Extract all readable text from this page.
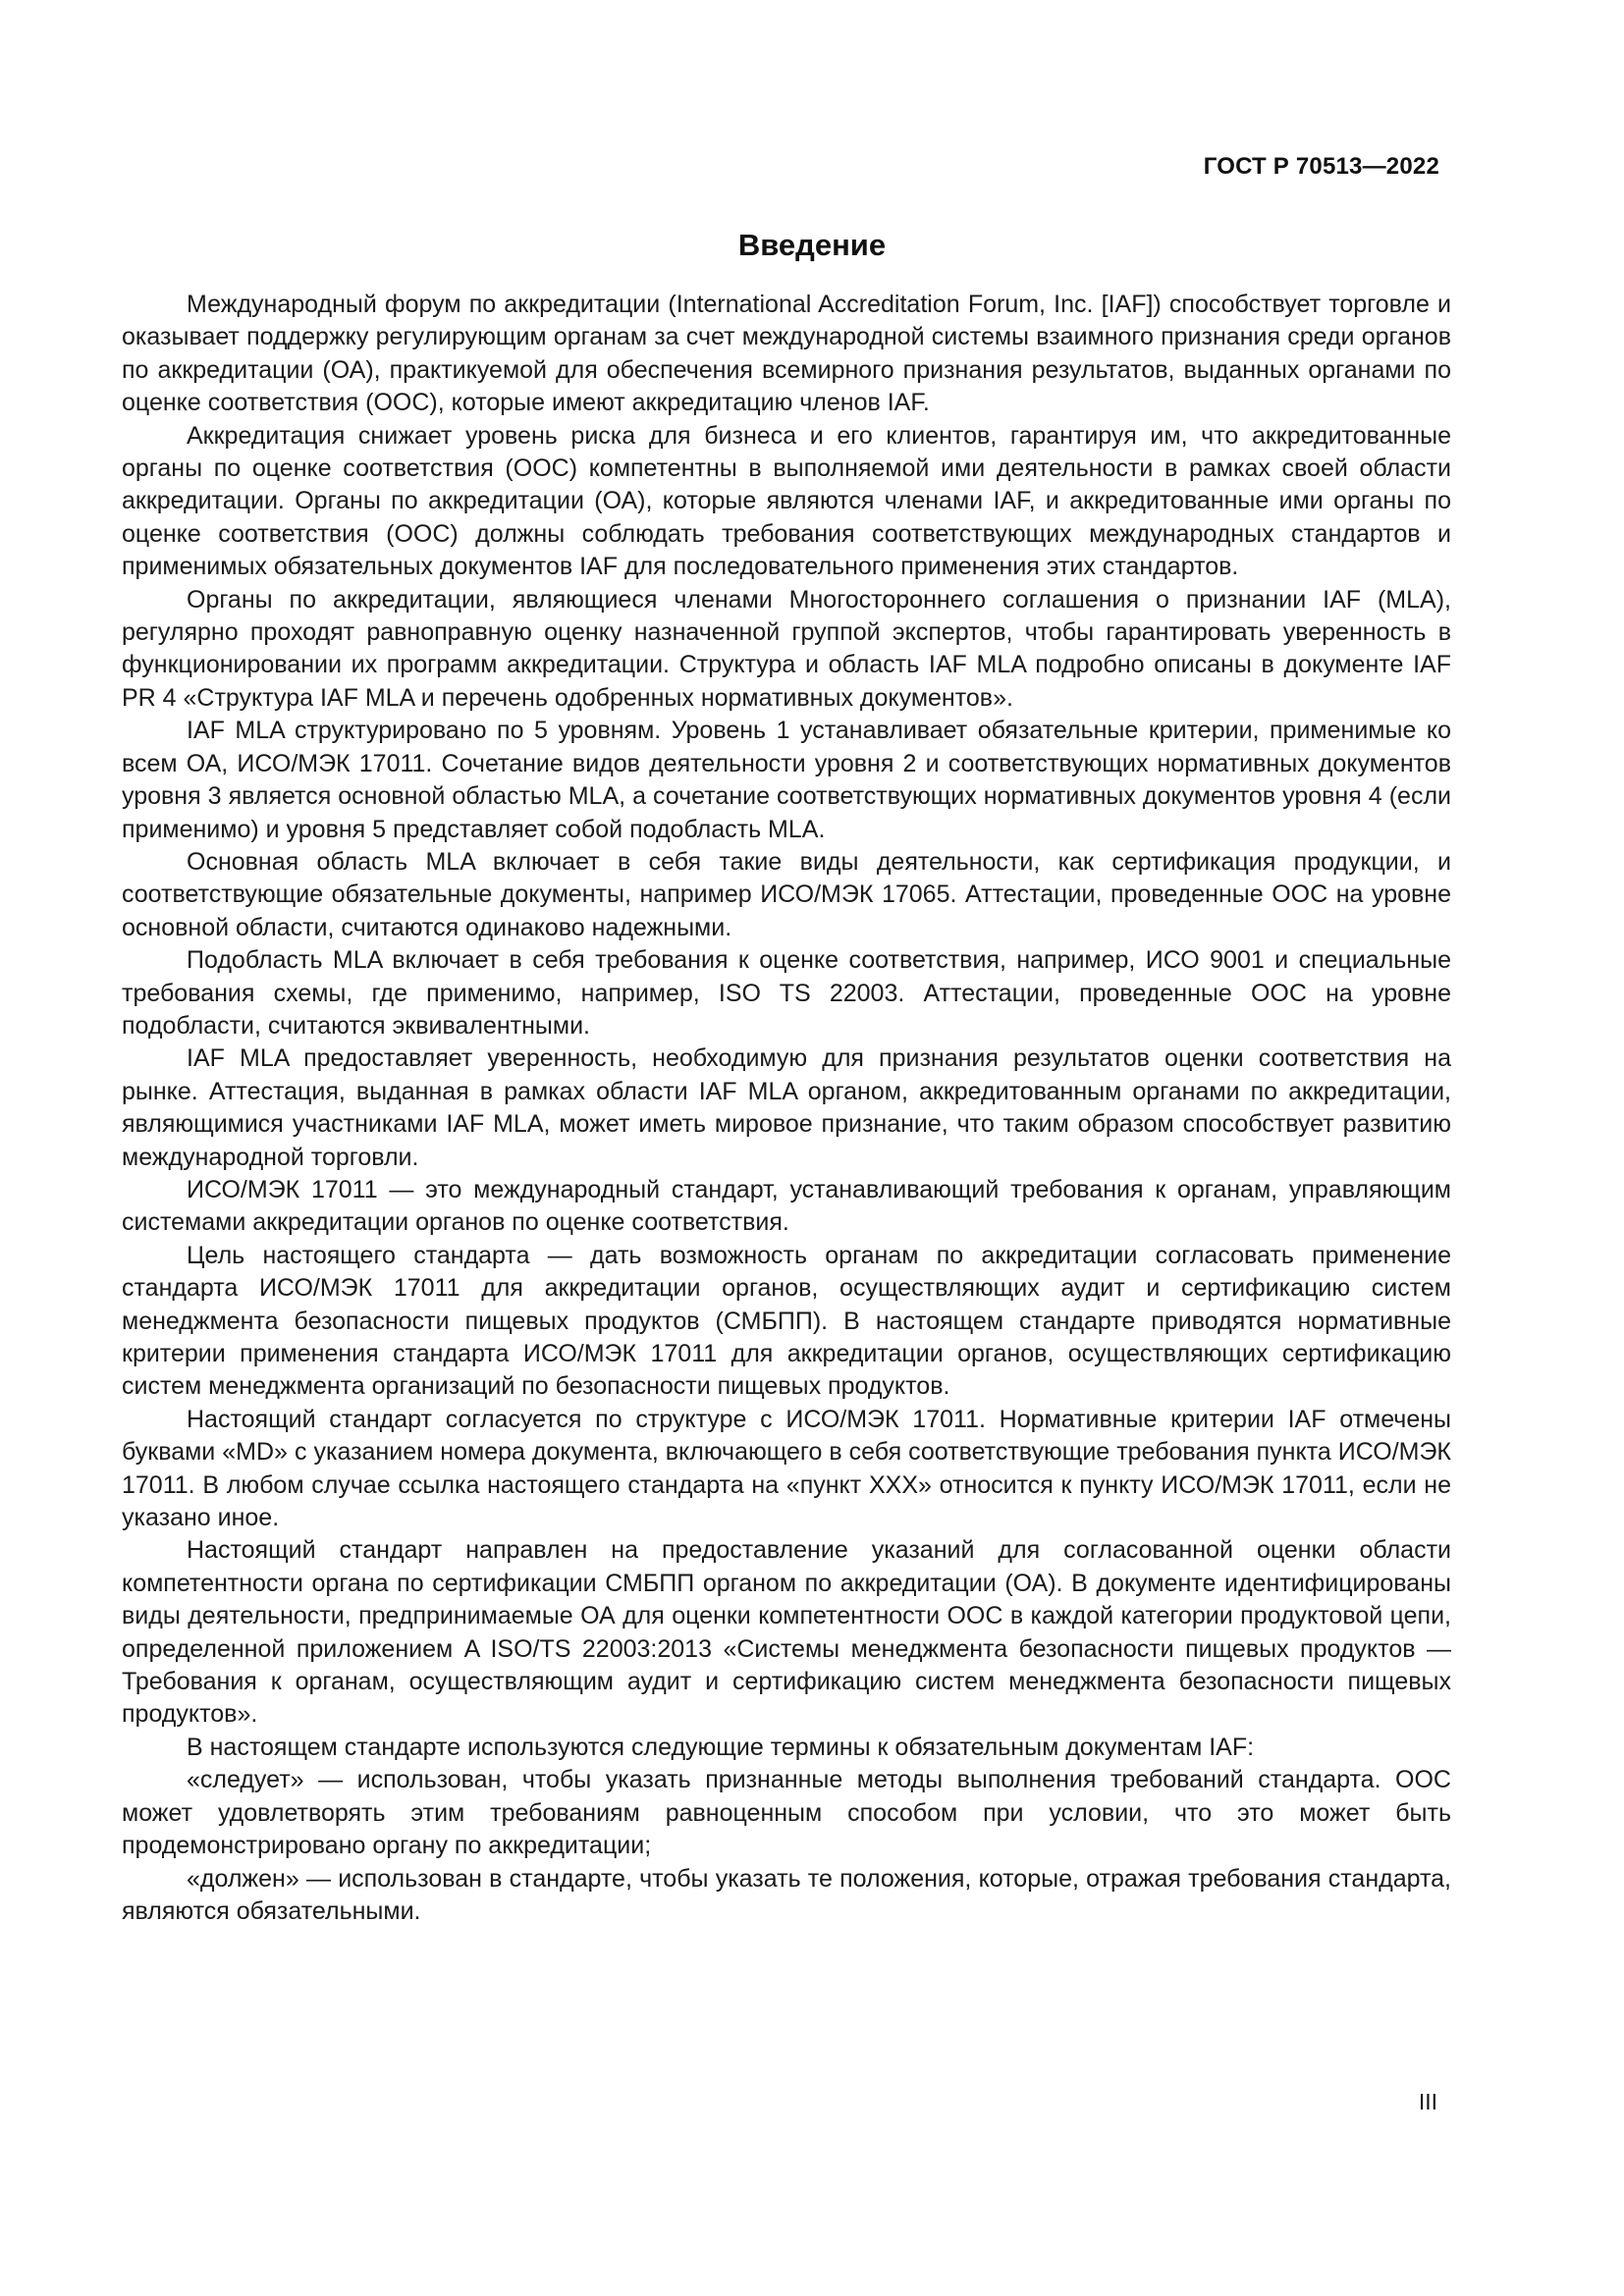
ГОСТ Р 70513—2022
Введение

Международный форум по аккредитации (International Accreditation Forum, Inc. [IAF]) способствует торговле и оказывает поддержку регулирующим органам за счет международной системы взаимного признания среди органов по аккредитации (ОА), практикуемой для обеспечения всемирного признания результатов, выданных органами по оценке соответствия (ООС), которые имеют аккредитацию членов IAF.

Аккредитация снижает уровень риска для бизнеса и его клиентов, гарантируя им, что аккредитованные органы по оценке соответствия (ООС) компетентны в выполняемой ими деятельности в рамках своей области аккредитации. Органы по аккредитации (ОА), которые являются членами IAF, и аккредитованные ими органы по оценке соответствия (ООС) должны соблюдать требования соответствующих международных стандартов и применимых обязательных документов IAF для последовательного применения этих стандартов.

Органы по аккредитации, являющиеся членами Многостороннего соглашения о признании IAF (MLA), регулярно проходят равноправную оценку назначенной группой экспертов, чтобы гарантировать уверенность в функционировании их программ аккредитации. Структура и область IAF MLA подробно описаны в документе IAF PR 4 «Структура IAF MLA и перечень одобренных нормативных документов».

IAF MLA структурировано по 5 уровням. Уровень 1 устанавливает обязательные критерии, применимые ко всем ОА, ИСО/МЭК 17011. Сочетание видов деятельности уровня 2 и соответствующих нормативных документов уровня 3 является основной областью MLA, а сочетание соответствующих нормативных документов уровня 4 (если применимо) и уровня 5 представляет собой подобласть MLA.

Основная область MLA включает в себя такие виды деятельности, как сертификация продукции, и соответствующие обязательные документы, например ИСО/МЭК 17065. Аттестации, проведенные ООС на уровне основной области, считаются одинаково надежными.

Подобласть MLA включает в себя требования к оценке соответствия, например, ИСО 9001 и специальные требования схемы, где применимо, например, ISO TS 22003. Аттестации, проведенные ООС на уровне подобласти, считаются эквивалентными.

IAF MLA предоставляет уверенность, необходимую для признания результатов оценки соответствия на рынке. Аттестация, выданная в рамках области IAF MLA органом, аккредитованным органами по аккредитации, являющимися участниками IAF MLA, может иметь мировое признание, что таким образом способствует развитию международной торговли.

ИСО/МЭК 17011 — это международный стандарт, устанавливающий требования к органам, управляющим системами аккредитации органов по оценке соответствия.

Цель настоящего стандарта — дать возможность органам по аккредитации согласовать применение стандарта ИСО/МЭК 17011 для аккредитации органов, осуществляющих аудит и сертификацию систем менеджмента безопасности пищевых продуктов (СМБПП). В настоящем стандарте приводятся нормативные критерии применения стандарта ИСО/МЭК 17011 для аккредитации органов, осуществляющих сертификацию систем менеджмента организаций по безопасности пищевых продуктов.

Настоящий стандарт согласуется по структуре с ИСО/МЭК 17011. Нормативные критерии IAF отмечены буквами «MD» с указанием номера документа, включающего в себя соответствующие требования пункта ИСО/МЭК 17011. В любом случае ссылка настоящего стандарта на «пункт XXX» относится к пункту ИСО/МЭК 17011, если не указано иное.

Настоящий стандарт направлен на предоставление указаний для согласованной оценки области компетентности органа по сертификации СМБПП органом по аккредитации (ОА). В документе идентифицированы виды деятельности, предпринимаемые ОА для оценки компетентности ООС в каждой категории продуктовой цепи, определенной приложением A ISO/TS 22003:2013 «Системы менеджмента безопасности пищевых продуктов — Требования к органам, осуществляющим аудит и сертификацию систем менеджмента безопасности пищевых продуктов».

В настоящем стандарте используются следующие термины к обязательным документам IAF:

«следует» — использован, чтобы указать признанные методы выполнения требований стандарта. ООС может удовлетворять этим требованиям равноценным способом при условии, что это может быть продемонстрировано органу по аккредитации;

«должен» — использован в стандарте, чтобы указать те положения, которые, отражая требования стандарта, являются обязательными.

III
